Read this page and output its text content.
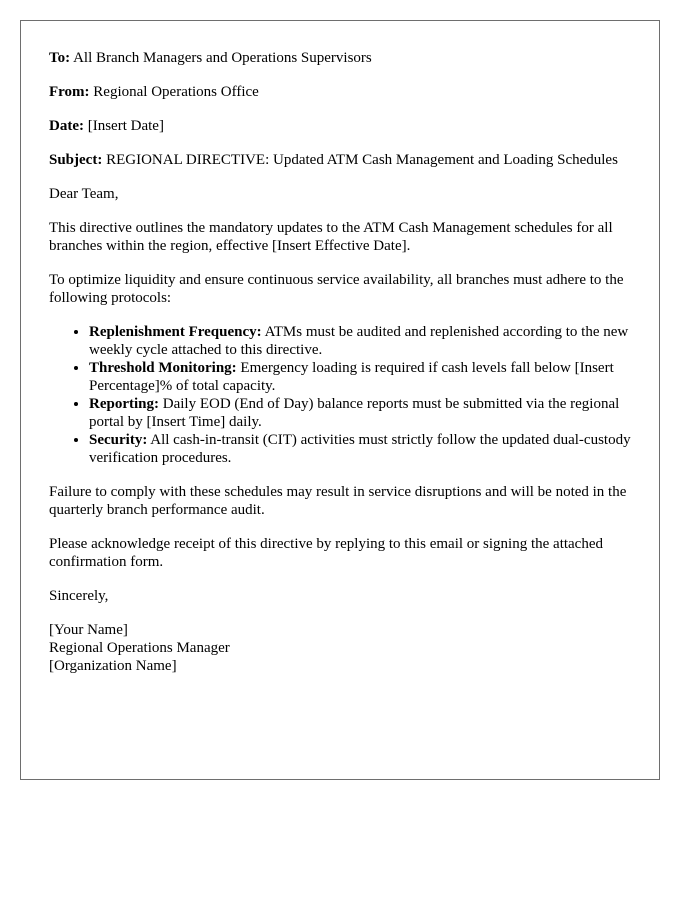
To: All Branch Managers and Operations Supervisors

From: Regional Operations Office

Date: [Insert Date]

Subject: REGIONAL DIRECTIVE: Updated ATM Cash Management and Loading Schedules

Dear Team,

This directive outlines the mandatory updates to the ATM Cash Management schedules for all branches within the region, effective [Insert Effective Date].

To optimize liquidity and ensure continuous service availability, all branches must adhere to the following protocols:

• Replenishment Frequency: ATMs must be audited and replenished according to the new weekly cycle attached to this directive.
• Threshold Monitoring: Emergency loading is required if cash levels fall below [Insert Percentage]% of total capacity.
• Reporting: Daily EOD (End of Day) balance reports must be submitted via the regional portal by [Insert Time] daily.
• Security: All cash-in-transit (CIT) activities must strictly follow the updated dual-custody verification procedures.

Failure to comply with these schedules may result in service disruptions and will be noted in the quarterly branch performance audit.

Please acknowledge receipt of this directive by replying to this email or signing the attached confirmation form.

Sincerely,

[Your Name]
Regional Operations Manager
[Organization Name]
